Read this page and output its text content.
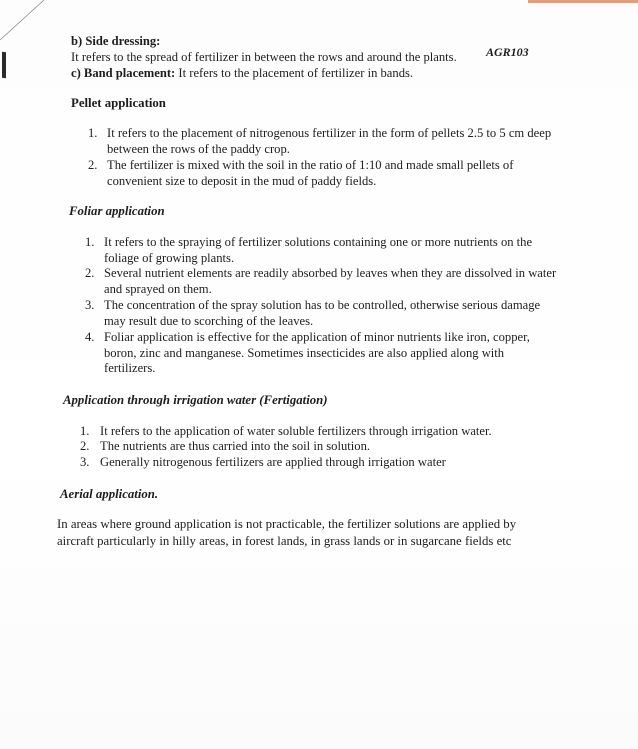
AGR103
b) Side dressing:
It refers to the spread of fertilizer in between the rows and around the plants.
c) Band placement: It refers to the placement of fertilizer in bands.
Pellet application
1. It refers to the placement of nitrogenous fertilizer in the form of pellets 2.5 to 5 cm deep
between the rows of the paddy crop.
2. The fertilizer is mixed with the soil in the ratio of 1:10 and made small pellets of
convenient size to deposit in the mud of paddy fields.
Foliar application
1. It refers to the spraying of fertilizer solutions containing one or more nutrients on the
foliage of growing plants.
2. Several nutrient elements are readily absorbed by leaves when they are dissolved in water
and sprayed on them.
3. The concentration of the spray solution has to be controlled, otherwise serious damage
may result due to scorching of the leaves.
4. Foliar application is effective for the application of minor nutrients like iron, copper,
boron, zinc and manganese. Sometimes insecticides are also applied along with
fertilizers.
Application through irrigation water (Fertigation)
1. It refers to the application of water soluble fertilizers through irrigation water.
2. The nutrients are thus carried into the soil in solution.
3. Generally nitrogenous fertilizers are applied through irrigation water
Aerial application.
In areas where ground application is not practicable, the fertilizer solutions are applied by
aircraft particularly in hilly areas, in forest lands, in grass lands or in sugarcane fields etc
